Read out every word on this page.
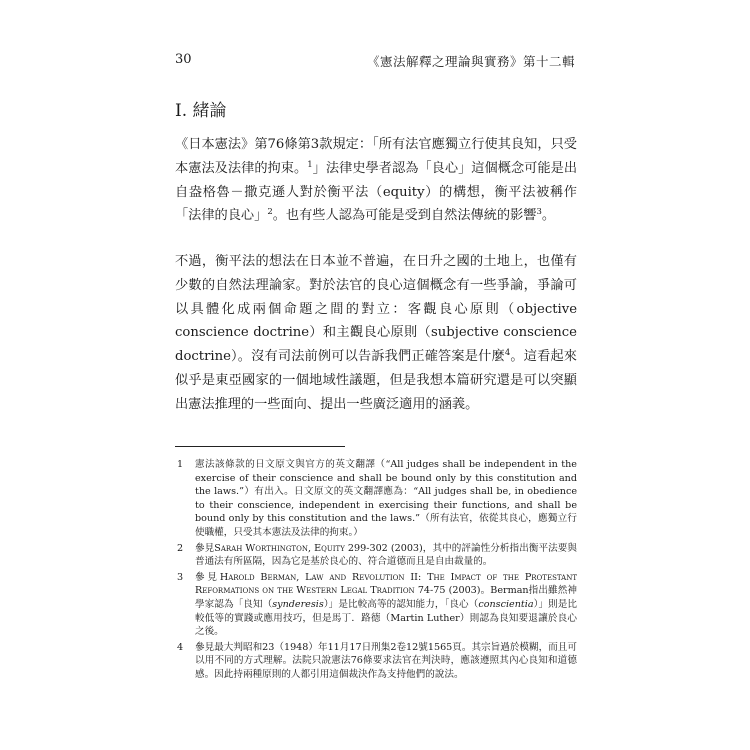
30	《憲法解釋之理論與實務》第十二輯
I. 緒論

《日本憲法》第76條第3款規定：「所有法官應獨立行使其良知，只受本憲法及法律的拘束。$^1$」法律史學者認為「良心」這個概念可能是出自盎格魯－撒克遜人對於衡平法（equity）的構想，衡平法被稱作「法律的良心」$^2$。也有些人認為可能是受到自然法傳統的影響$^3$。

不過，衡平法的想法在日本並不普遍，在日升之國的土地上，也僅有少數的自然法理論家。對於法官的良心這個概念有一些爭論，爭論可以具體化成兩個命題之間的對立：客觀良心原則（objective conscience doctrine）和主觀良心原則（subjective conscience doctrine）。沒有司法前例可以告訴我們正確答案是什麼$^4$。這看起來似乎是東亞國家的一個地域性議題，但是我想本篇研究還是可以突顯出憲法推理的一些面向、提出一些廣泛適用的涵義。

1 憲法該條款的日文原文與官方的英文翻譯（“All judges shall be independent in the exercise of their conscience and shall be bound only by this constitution and the laws.”）有出入。日文原文的英文翻譯應為：“All judges shall be, in obedience to their conscience, independent in exercising their functions, and shall be bound only by this constitution and the laws.”（所有法官，依從其良心，應獨立行使職權，只受其本憲法及法律的拘束。）
2 參見Sarah Worthington, Equity 299-302 (2003)，其中的評論性分析指出衡平法要與普通法有所區隔，因為它是基於良心的、符合道德而且是自由裁量的。
3 參見Harold Berman, Law and Revolution II: The Impact of the Protestant Reformations on the Western Legal Tradition 74-75 (2003)。Berman指出雖然神學家認為「良知（synderesis）」是比較高等的認知能力，「良心（conscientia）」則是比較低等的實踐或應用技巧，但是馬丁．路德（Martin Luther）則認為良知要退讓於良心之後。
4 參見最大判昭和23（1948）年11月17日刑集2卷12號1565頁。其宗旨過於模糊，而且可以用不同的方式理解。法院只說憲法76條要求法官在判決時，應該遵照其內心良知和道德感。因此持兩種原則的人都引用這個裁決作為支持他們的說法。
